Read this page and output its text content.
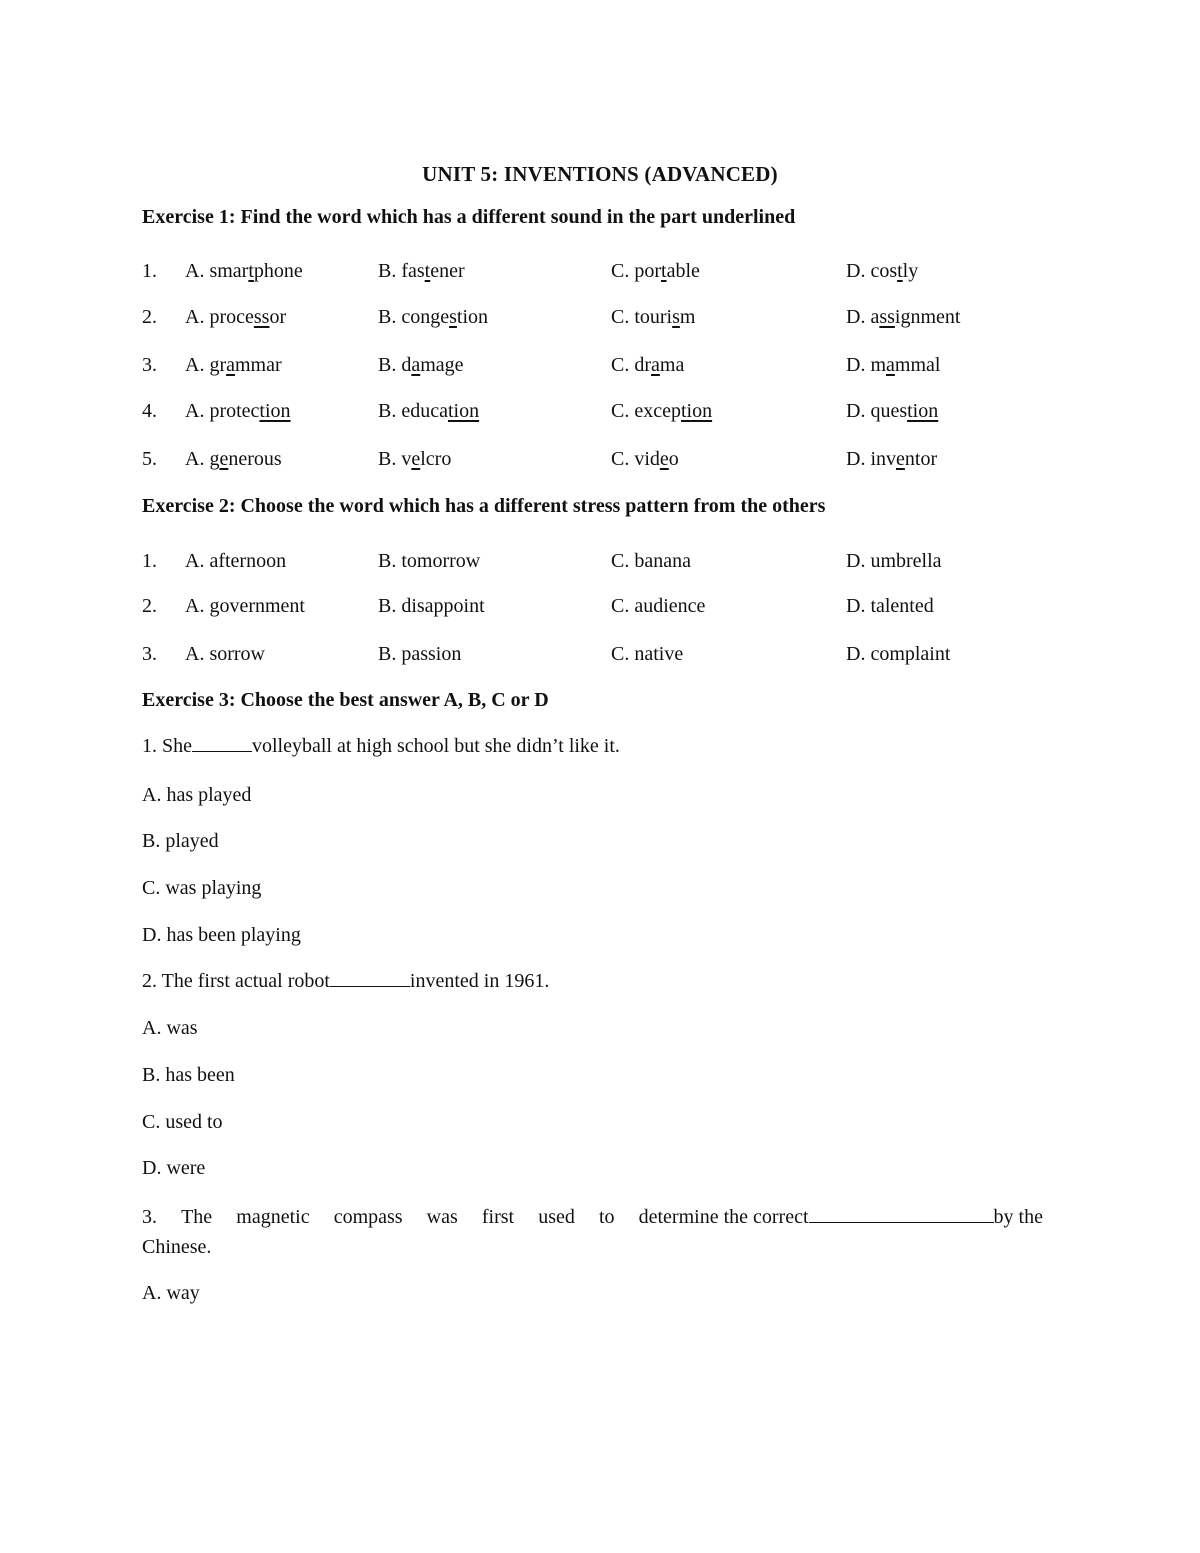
UNIT 5: INVENTIONS (ADVANCED)
Exercise 1: Find the word which has a different sound in the part underlined
1. A. smartphone	B. fastener	C. portable	D. costly
2. A. processor	B. congestion	C. tourism	D. assignment
3. A. grammar	B. damage	C. drama	D. mammal
4. A. protection	B. education	C. exception	D. question
5. A. generous	B. velcro	C. video	D. inventor
Exercise 2: Choose the word which has a different stress pattern from the others
1. A. afternoon	B. tomorrow	C. banana	D. umbrella
2. A. government	B. disappoint	C. audience	D. talented
3. A. sorrow	B. passion	C. native	D. complaint
Exercise 3: Choose the best answer A, B, C or D
1. She	volleyball at high school but she didn’t like it.
A. has played
B. played
C. was playing
D. has been playing
2. The first actual robot	invented in 1961.
A. was
B. has been
C. used to
D. were
3. The magnetic compass was first used to determine the correct	by the
Chinese.
A. way
